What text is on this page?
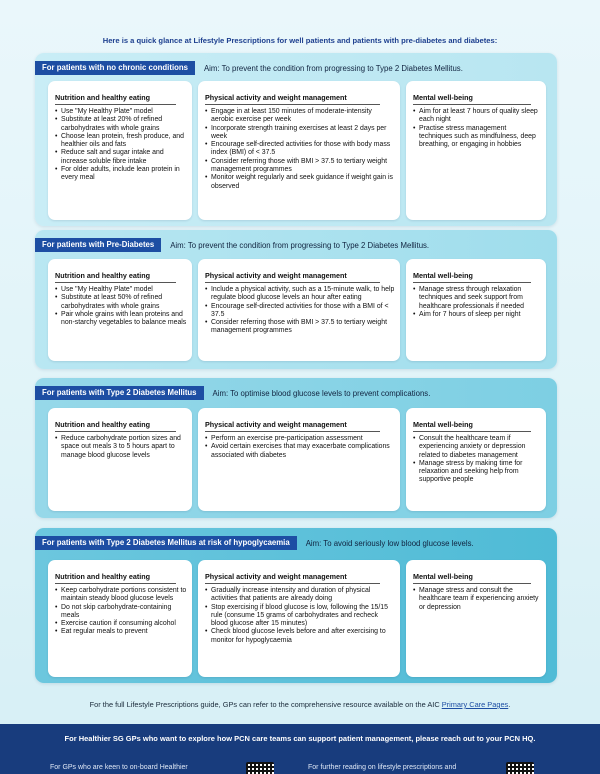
Here is a quick glance at Lifestyle Prescriptions for well patients and patients with pre-diabetes and diabetes:
For patients with no chronic conditions	Aim: To prevent the condition from progressing to Type 2 Diabetes Mellitus.
Nutrition and healthy eating
• Use "My Healthy Plate" model
• Substitute at least 20% of refined carbohydrates with whole grains
• Choose lean protein, fresh produce, and healthier oils and fats
• Reduce salt and sugar intake and increase soluble fibre intake
• For older adults, include lean protein in every meal
Physical activity and weight management
• Engage in at least 150 minutes of moderate-intensity aerobic exercise per week
• Incorporate strength training exercises at least 2 days per week
• Encourage self-directed activities for those with body mass index (BMI) of < 37.5
• Consider referring those with BMI > 37.5 to tertiary weight management programmes
• Monitor weight regularly and seek guidance if weight gain is observed
Mental well-being
• Aim for at least 7 hours of quality sleep each night
• Practise stress management techniques such as mindfulness, deep breathing, or engaging in hobbies
For patients with Pre-Diabetes	Aim: To prevent the condition from progressing to Type 2 Diabetes Mellitus.
Nutrition and healthy eating
• Use "My Healthy Plate" model
• Substitute at least 50% of refined carbohydrates with whole grains
• Pair whole grains with lean proteins and non-starchy vegetables to balance meals
Physical activity and weight management
• Include a physical activity, such as a 15-minute walk, to help regulate blood glucose levels an hour after eating
• Encourage self-directed activities for those with a BMI of < 37.5
• Consider referring those with BMI > 37.5 to tertiary weight management programmes
Mental well-being
• Manage stress through relaxation techniques and seek support from healthcare professionals if needed
• Aim for 7 hours of sleep per night
For patients with Type 2 Diabetes Mellitus	Aim: To optimise blood glucose levels to prevent complications.
Nutrition and healthy eating
• Reduce carbohydrate portion sizes and space out meals 3 to 5 hours apart to manage blood glucose levels
Physical activity and weight management
• Perform an exercise pre-participation assessment
• Avoid certain exercises that may exacerbate complications associated with diabetes
Mental well-being
• Consult the healthcare team if experiencing anxiety or depression related to diabetes management
• Manage stress by making time for relaxation and seeking help from supportive people
For patients with Type 2 Diabetes Mellitus at risk of hypoglycaemia	Aim: To avoid seriously low blood glucose levels.
Nutrition and healthy eating
• Keep carbohydrate portions consistent to maintain steady blood glucose levels
• Do not skip carbohydrate-containing meals
• Exercise caution if consuming alcohol
• Eat regular meals to prevent
Physical activity and weight management
• Gradually increase intensity and duration of physical activities that patients are already doing
• Stop exercising if blood glucose is low, following the 15/15 rule (consume 15 grams of carbohydrates and recheck blood glucose after 15 minutes)
• Check blood glucose levels before and after exercising to monitor for hypoglycaemia
Mental well-being
• Manage stress and consult the healthcare team if experiencing anxiety or depression
For the full Lifestyle Prescriptions guide, GPs can refer to the comprehensive resource available on the AIC Primary Care Pages.
For Healthier SG GPs who want to explore how PCN care teams can support patient management, please reach out to your PCN HQ.
For GPs who are keen to on-board Healthier	For further reading on lifestyle prescriptions and
